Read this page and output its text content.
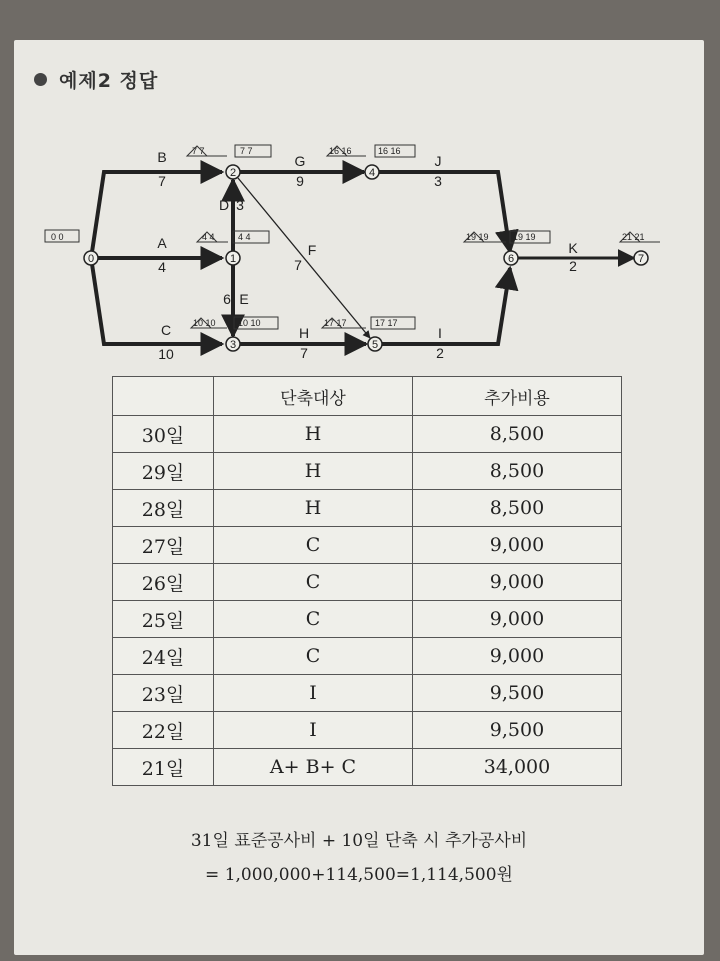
예제2 정답
0	1
2
3
4
5
6	7
B
7
A
4
C
10
D 3
6 E
F
7
G
9
H
7
I
2
J
3
K
2
0 0
7 7	7 7
4 4	4 4
10 10 10 10
16 16	16 16
17 17	17 17
19 19	19 19	21 21
	단축대상	추가비용
30일	H	8,500
29일	H	8,500
28일	H	8,500
27일	C	9,000
26일	C	9,000
25일	C	9,000
24일	C	9,000
23일	I	9,500
22일	I	9,500
21일	A+ B+ C	34,000
31일 표준공사비 + 10일 단축 시 추가공사비
= 1,000,000+114,500=1,114,500원
